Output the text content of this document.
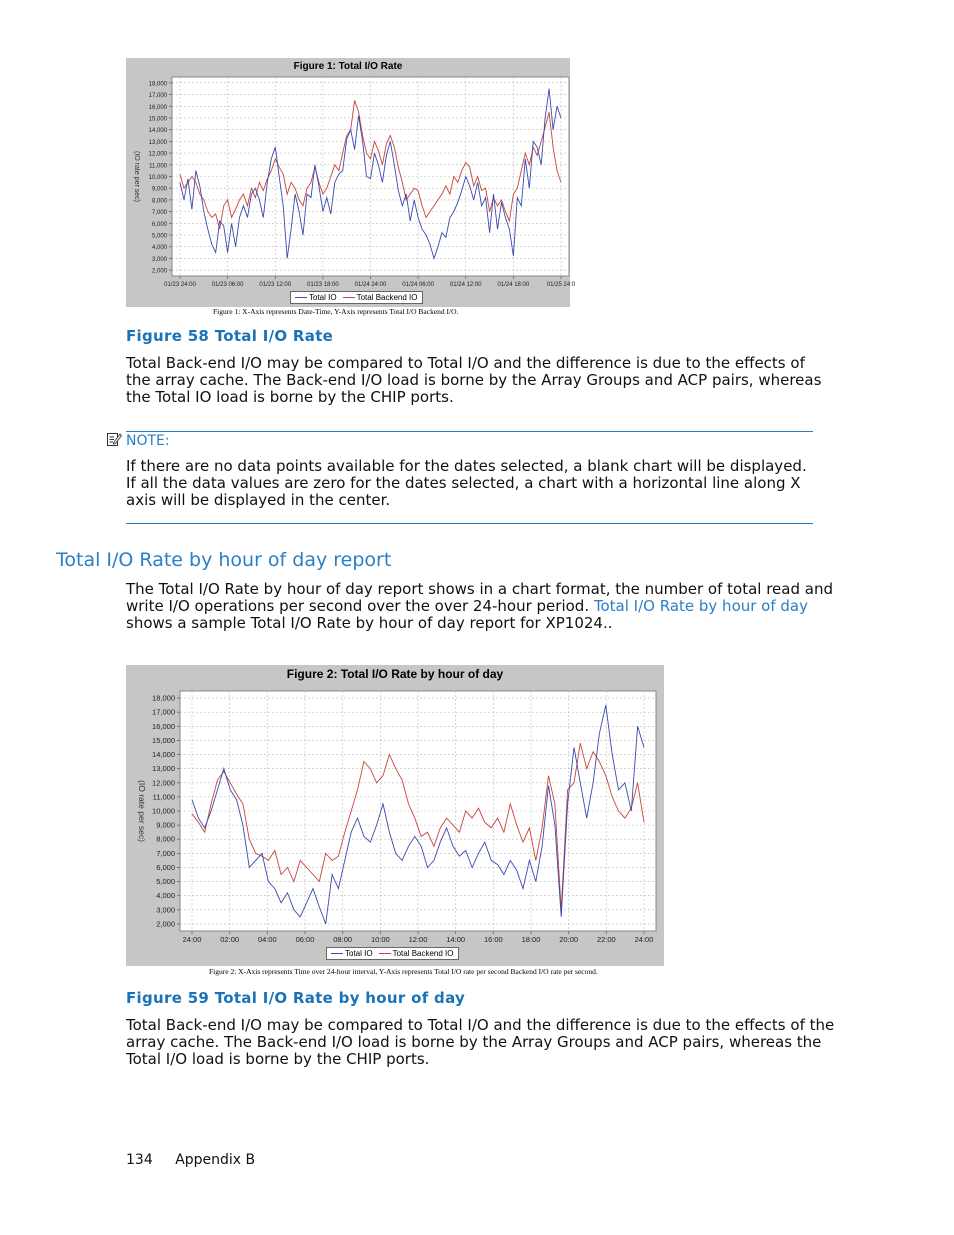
Figure 1: Total I/O Rate
2,000
3,000
4,000
5,000
6,000
7,000
8,000
9,000
10,000
11,000
12,000
13,000
14,000
15,000
16,000
17,000
18,000
01/23 24:00	01/23 06:00	01/23 12:00	01/23 18:00	01/24 24:00	01/24 06:00	01/24 12:00	01/24 18:00	01/25 24:0
(IO rate per sec)
Total IO	Total Backend IO
Figure 1: X-Axis represents Date-Time, Y-Axis represents Total I/O Backend I/O.
Figure 58 Total I/O Rate

Total Back-end I/O may be compared to Total I/O and the difference is due to the effects of the array cache. The Back-end I/O load is borne by the Array Groups and ACP pairs, whereas the Total IO load is borne by the CHIP ports.

NOTE:

If there are no data points available for the dates selected, a blank chart will be displayed. If all the data values are zero for the dates selected, a chart with a horizontal line along X axis will be displayed in the center.

Total I/O Rate by hour of day report

The Total I/O Rate by hour of day report shows in a chart format, the number of total read and write I/O operations per second over the over 24-hour period. Total I/O Rate by hour of day shows a sample Total I/O Rate by hour of day report for XP1024..

Figure 2: Total I/O Rate by hour of day
2,000
3,000
4,000
5,000
6,000
7,000
8,000
9,000
10,000
11,000
12,000
13,000
14,000
15,000
16,000
17,000
18,000
24:00	02:00	04:00	06:00	08:00	10:00	12:00	14:00	16:00	18:00	20:00	22:00	24:00
(IO rate per sec)
Total IO	Total Backend IO
Figure 2: X-Axis represents Time over 24-hour interval, Y-Axis represents Total I/O rate per second Backend I/O rate per second.
Figure 59 Total I/O Rate by hour of day

Total Back-end I/O may be compared to Total I/O and the difference is due to the effects of the array cache. The Back-end I/O load is borne by the Array Groups and ACP pairs, whereas the Total I/O load is borne by the CHIP ports.

134 Appendix B
